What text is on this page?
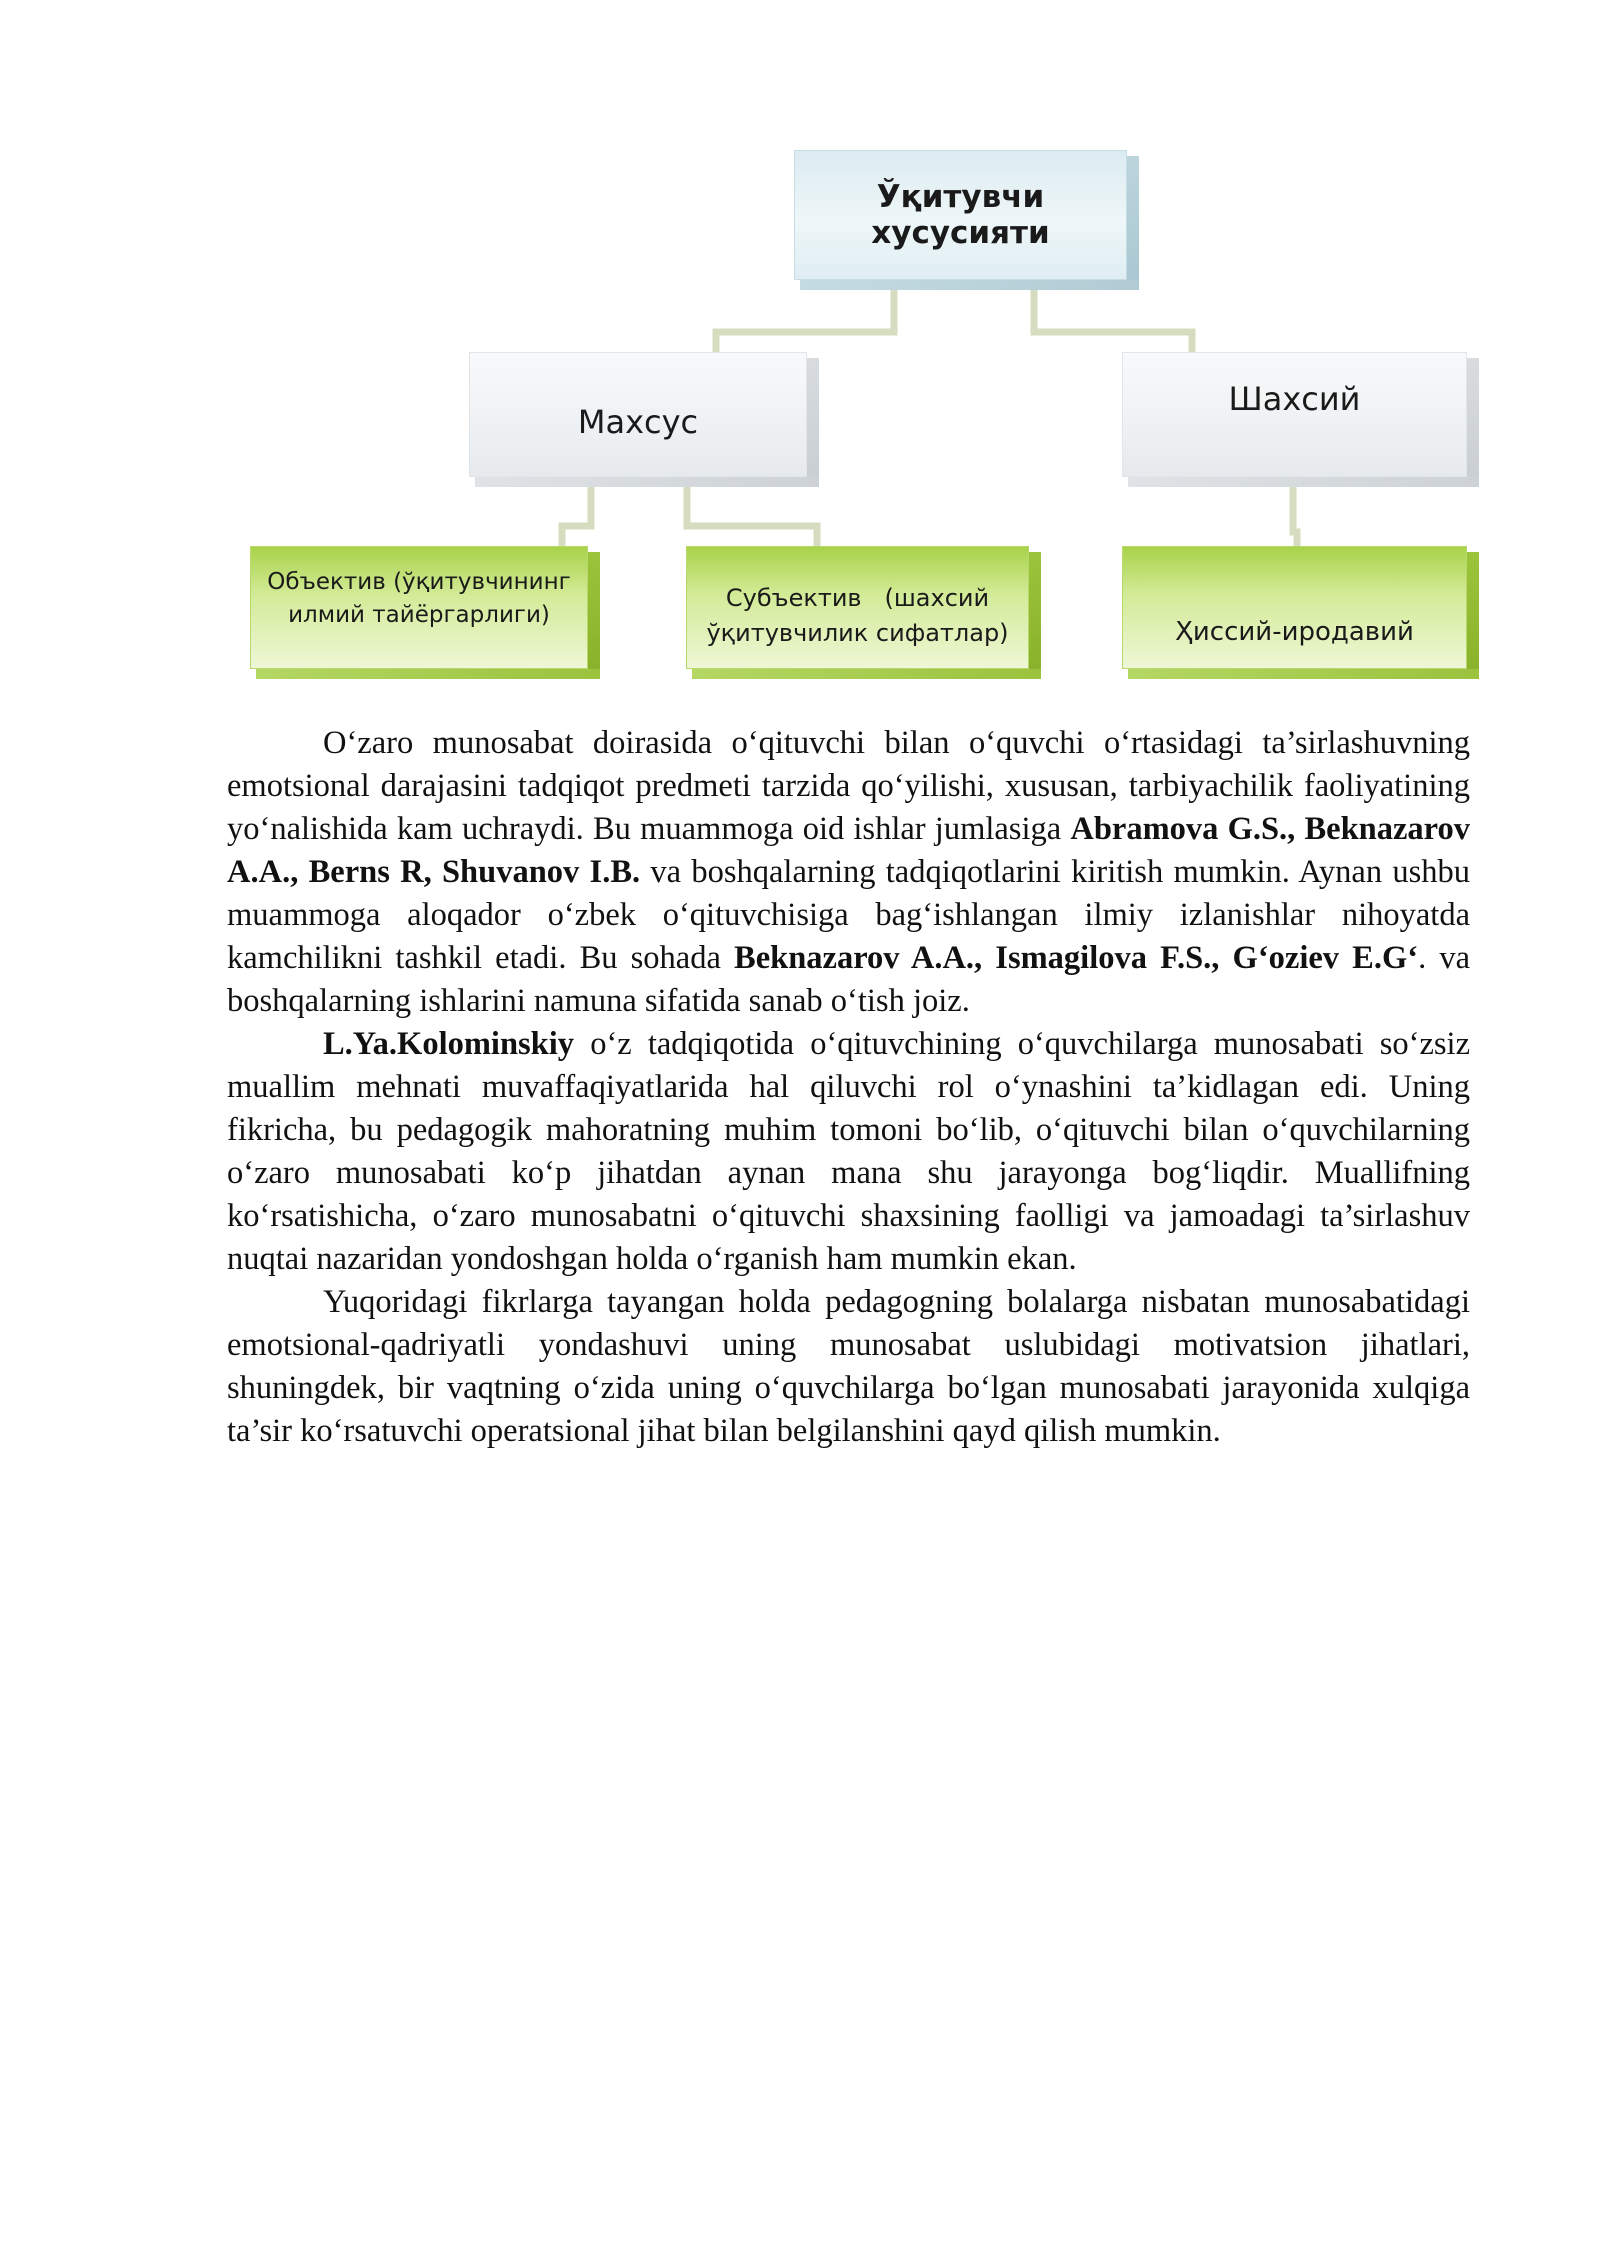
Ўқитувчи хусусияти
Махсус
Шахсий
Объектив (ўқитувчининг
илмий тайёргарлиги)
Субъектив   (шахсий
ўқитувчилик сифатлар)	Ҳиссий-иродавий

O‘zaro munosabat doirasida o‘qituvchi bilan o‘quvchi o‘rtasidagi ta’sirlashuvning emotsional darajasini tadqiqot predmeti tarzida qo‘yilishi, xususan, tarbiyachilik faoliyatining yo‘nalishida kam uchraydi. Bu muammoga oid ishlar jumlasiga Abramova G.S., Beknazarov A.A., Berns R, Shuvanov I.B. va boshqalarning tadqiqotlarini kiritish mumkin. Aynan ushbu muammoga aloqador o‘zbek o‘qituvchisiga bag‘ishlangan ilmiy izlanishlar nihoyatda kamchilikni tashkil etadi. Bu sohada Beknazarov A.A., Ismagilova F.S., G‘oziev E.G‘. va boshqalarning ishlarini namuna sifatida sanab o‘tish joiz.

L.Ya.Kolominskiy o‘z tadqiqotida o‘qituvchining o‘quvchilarga munosabati so‘zsiz muallim mehnati muvaffaqiyatlarida hal qiluvchi rol o‘ynashini ta’kidlagan edi. Uning fikricha, bu pedagogik mahoratning muhim tomoni bo‘lib, o‘qituvchi bilan o‘quvchilarning o‘zaro munosabati ko‘p jihatdan aynan mana shu jarayonga bog‘liqdir. Muallifning ko‘rsatishicha, o‘zaro munosabatni o‘qituvchi shaxsining faolligi va jamoadagi ta’sirlashuv nuqtai nazaridan yondoshgan holda o‘rganish ham mumkin ekan.

Yuqoridagi fikrlarga tayangan holda pedagogning bolalarga nisbatan munosabatidagi emotsional-qadriyatli yondashuvi uning munosabat uslubidagi motivatsion jihatlari, shuningdek, bir vaqtning o‘zida uning o‘quvchilarga bo‘lgan munosabati jarayonida xulqiga ta’sir ko‘rsatuvchi operatsional jihat bilan belgilanshini qayd qilish mumkin.
